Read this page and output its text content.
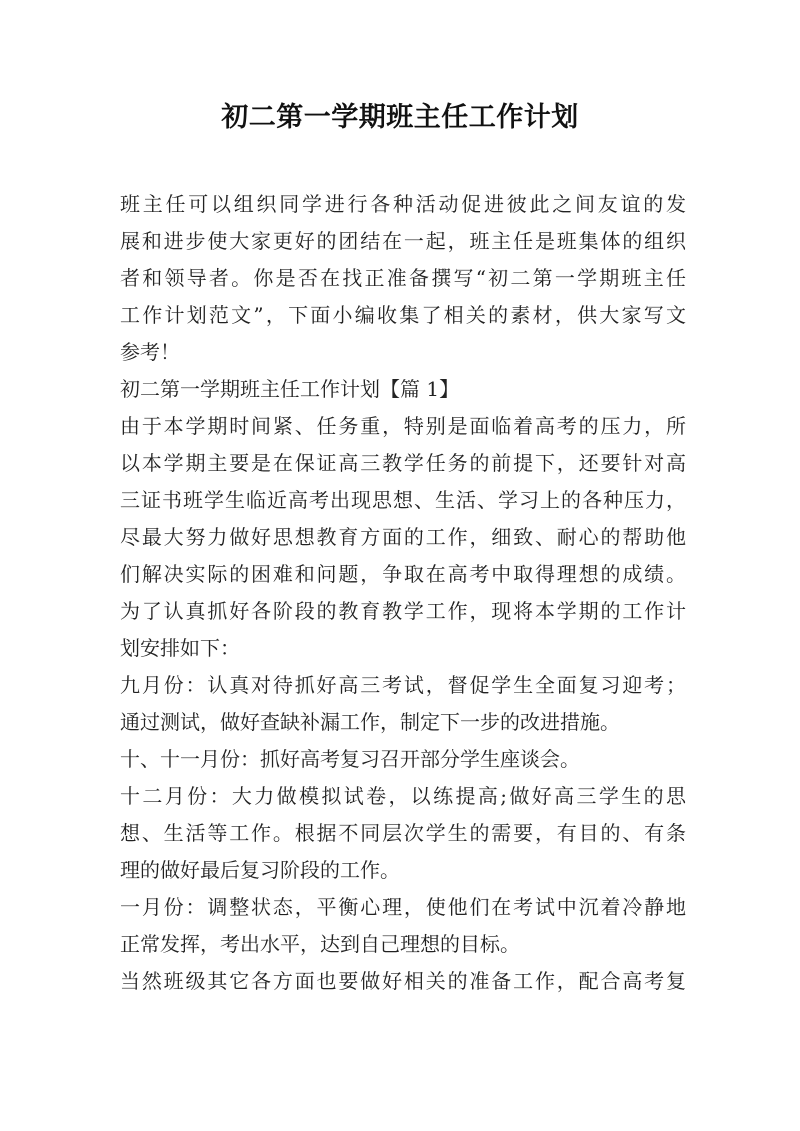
初二第一学期班主任工作计划
班主任可以组织同学进行各种活动促进彼此之间友谊的发
展和进步使大家更好的团结在一起，班主任是班集体的组织
者和领导者。你是否在找正准备撰写“初二第一学期班主任
工作计划范文”，下面小编收集了相关的素材，供大家写文
参考！
初二第一学期班主任工作计划【篇 1】
由于本学期时间紧、任务重，特别是面临着高考的压力，所
以本学期主要是在保证高三教学任务的前提下，还要针对高
三证书班学生临近高考出现思想、生活、学习上的各种压力，
尽最大努力做好思想教育方面的工作，细致、耐心的帮助他
们解决实际的困难和问题，争取在高考中取得理想的成绩。
为了认真抓好各阶段的教育教学工作，现将本学期的工作计
划安排如下：
九月份：认真对待抓好高三考试，督促学生全面复习迎考；
通过测试，做好查缺补漏工作，制定下一步的改进措施。
十、十一月份：抓好高考复习召开部分学生座谈会。
十二月份：大力做模拟试卷，以练提高;做好高三学生的思
想、生活等工作。根据不同层次学生的需要，有目的、有条
理的做好最后复习阶段的工作。
一月份：调整状态，平衡心理，使他们在考试中沉着冷静地
正常发挥，考出水平，达到自己理想的目标。
当然班级其它各方面也要做好相关的准备工作，配合高考复
